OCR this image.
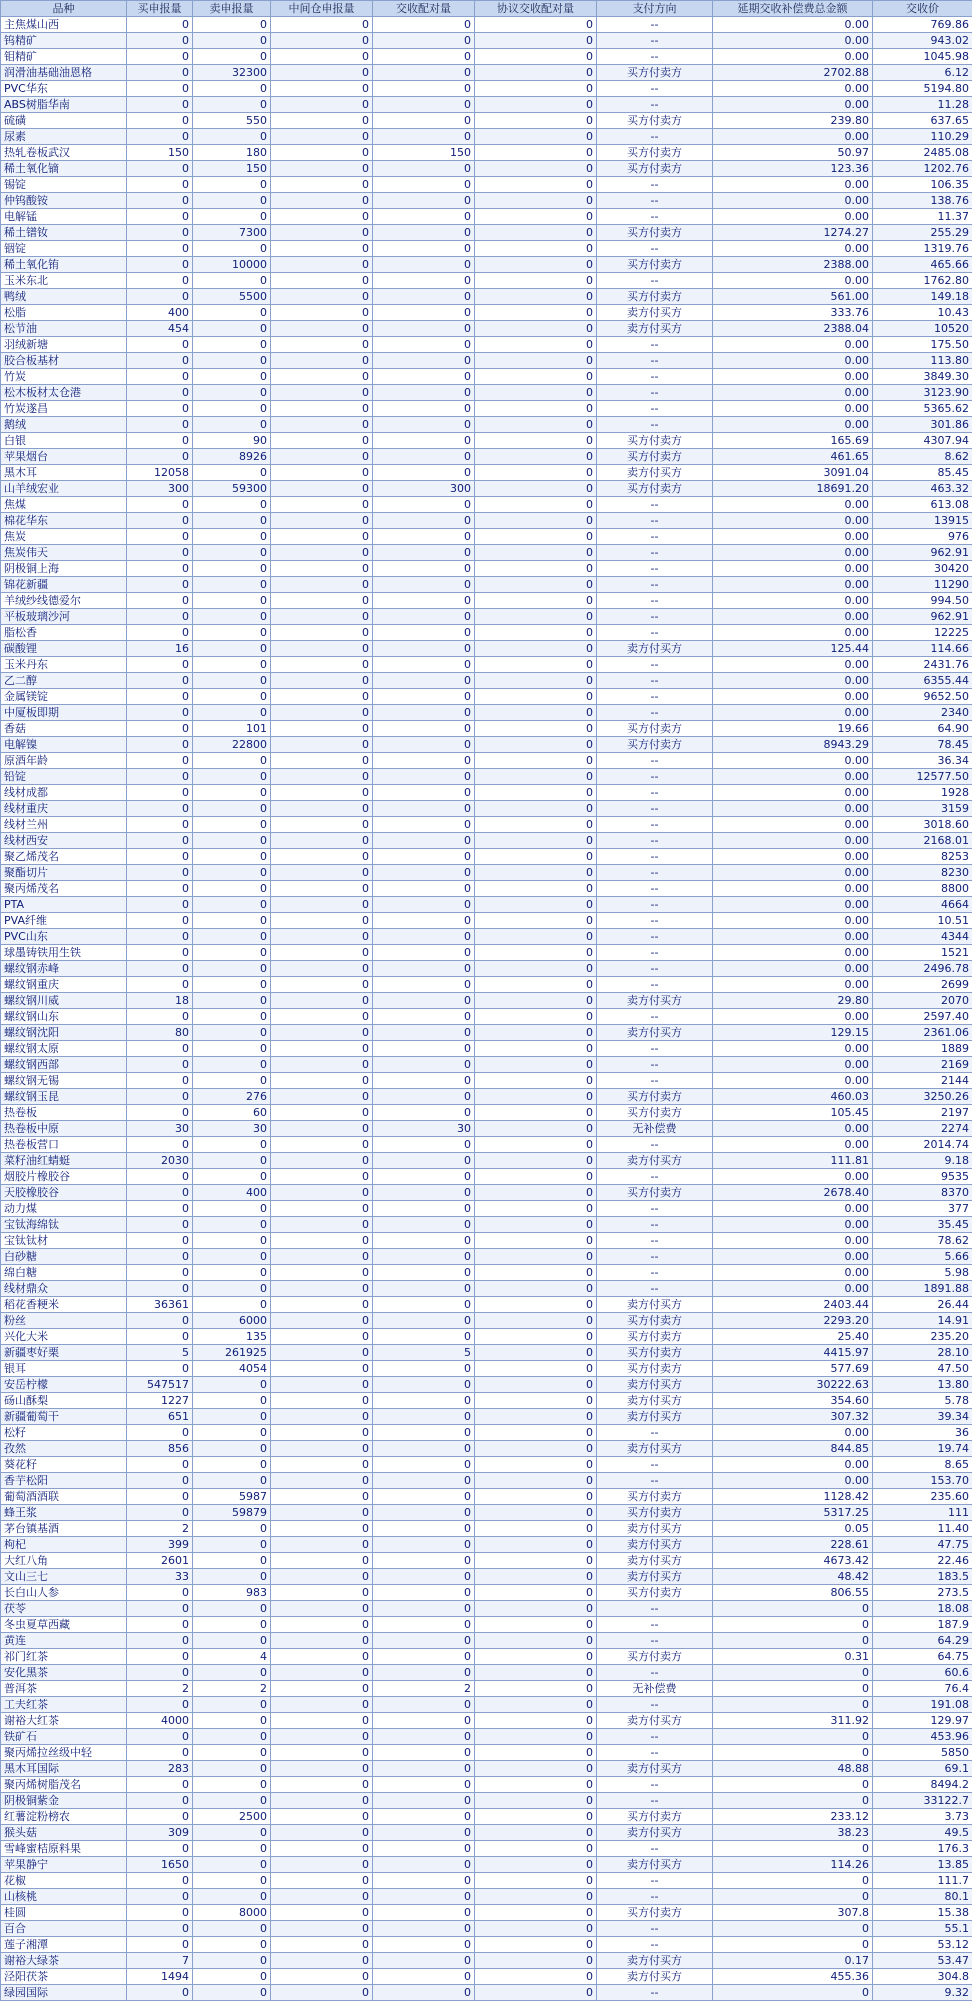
品种	买申报量	卖申报量	中间仓申报量	交收配对量	协议交收配对量	支付方向	延期交收补偿费总金额	交收价
主焦煤山西	0	0	0	0	0	--	0.00	769.86
钨精矿	0	0	0	0	0	--	0.00	943.02
钼精矿	0	0	0	0	0	--	0.00	1045.98
润滑油基础油恩格	0	32300	0	0	0	买方付卖方	2702.88	6.12
PVC华东	0	0	0	0	0	--	0.00	5194.80
ABS树脂华南	0	0	0	0	0	--	0.00	11.28
硫磺	0	550	0	0	0	买方付卖方	239.80	637.65
尿素	0	0	0	0	0	--	0.00	110.29
热轧卷板武汉	150	180	0	150	0	买方付卖方	50.97	2485.08
稀土氧化镝	0	150	0	0	0	买方付卖方	123.36	1202.76
锡锭	0	0	0	0	0	--	0.00	106.35
仲钨酸铵	0	0	0	0	0	--	0.00	138.76
电解锰	0	0	0	0	0	--	0.00	11.37
稀土镨钕	0	7300	0	0	0	买方付卖方	1274.27	255.29
铟锭	0	0	0	0	0	--	0.00	1319.76
稀土氧化铕	0	10000	0	0	0	买方付卖方	2388.00	465.66
玉米东北	0	0	0	0	0	--	0.00	1762.80
鸭绒	0	5500	0	0	0	买方付卖方	561.00	149.18
松脂	400	0	0	0	0	卖方付买方	333.76	10.43
松节油	454	0	0	0	0	卖方付买方	2388.04	10520
羽绒新塘	0	0	0	0	0	--	0.00	175.50
胶合板基材	0	0	0	0	0	--	0.00	113.80
竹炭	0	0	0	0	0	--	0.00	3849.30
松木板材太仓港	0	0	0	0	0	--	0.00	3123.90
竹炭遂昌	0	0	0	0	0	--	0.00	5365.62
鹅绒	0	0	0	0	0	--	0.00	301.86
白银	0	90	0	0	0	买方付卖方	165.69	4307.94
苹果烟台	0	8926	0	0	0	买方付卖方	461.65	8.62
黑木耳	12058	0	0	0	0	卖方付买方	3091.04	85.45
山羊绒宏业	300	59300	0	300	0	买方付卖方	18691.20	463.32
焦煤	0	0	0	0	0	--	0.00	613.08
棉花华东	0	0	0	0	0	--	0.00	13915
焦炭	0	0	0	0	0	--	0.00	976
焦炭伟天	0	0	0	0	0	--	0.00	962.91
阴极铜上海	0	0	0	0	0	--	0.00	30420
锦花新疆	0	0	0	0	0	--	0.00	11290
羊绒纱线德爱尔	0	0	0	0	0	--	0.00	994.50
平板玻璃沙河	0	0	0	0	0	--	0.00	962.91
脂松香	0	0	0	0	0	--	0.00	12225
碳酸锂	16	0	0	0	0	卖方付买方	125.44	114.66
玉米丹东	0	0	0	0	0	--	0.00	2431.76
乙二醇	0	0	0	0	0	--	0.00	6355.44
金属镁锭	0	0	0	0	0	--	0.00	9652.50
中厦板即期	0	0	0	0	0	--	0.00	2340
香菇	0	101	0	0	0	买方付卖方	19.66	64.90
电解镍	0	22800	0	0	0	买方付卖方	8943.29	78.45
原酒年龄	0	0	0	0	0	--	0.00	36.34
铅锭	0	0	0	0	0	--	0.00	12577.50
线材成都	0	0	0	0	0	--	0.00	1928
线材重庆	0	0	0	0	0	--	0.00	3159
线材兰州	0	0	0	0	0	--	0.00	3018.60
线材西安	0	0	0	0	0	--	0.00	2168.01
聚乙烯茂名	0	0	0	0	0	--	0.00	8253
聚酯切片	0	0	0	0	0	--	0.00	8230
聚丙烯茂名	0	0	0	0	0	--	0.00	8800
PTA	0	0	0	0	0	--	0.00	4664
PVA纤维	0	0	0	0	0	--	0.00	10.51
PVC山东	0	0	0	0	0	--	0.00	4344
球墨铸铁用生铁	0	0	0	0	0	--	0.00	1521
螺纹钢赤峰	0	0	0	0	0	--	0.00	2496.78
螺纹钢重庆	0	0	0	0	0	--	0.00	2699
螺纹钢川威	18	0	0	0	0	卖方付买方	29.80	2070
螺纹钢山东	0	0	0	0	0	--	0.00	2597.40
螺纹钢沈阳	80	0	0	0	0	卖方付买方	129.15	2361.06
螺纹钢太原	0	0	0	0	0	--	0.00	1889
螺纹钢西部	0	0	0	0	0	--	0.00	2169
螺纹钢无锡	0	0	0	0	0	--	0.00	2144
螺纹钢玉昆	0	276	0	0	0	买方付卖方	460.03	3250.26
热卷板	0	60	0	0	0	买方付卖方	105.45	2197
热卷板中原	30	30	0	30	0	无补偿费	0.00	2274
热卷板营口	0	0	0	0	0	--	0.00	2014.74
菜籽油红蜻蜓	2030	0	0	0	0	卖方付买方	111.81	9.18
烟胶片橡胶谷	0	0	0	0	0	--	0.00	9535
天胶橡胶谷	0	400	0	0	0	买方付卖方	2678.40	8370
动力煤	0	0	0	0	0	--	0.00	377
宝钛海绵钛	0	0	0	0	0	--	0.00	35.45
宝钛钛材	0	0	0	0	0	--	0.00	78.62
白砂糖	0	0	0	0	0	--	0.00	5.66
绵白糖	0	0	0	0	0	--	0.00	5.98
线材鼎众	0	0	0	0	0	--	0.00	1891.88
稻花香粳米	36361	0	0	0	0	卖方付买方	2403.44	26.44
粉丝	0	6000	0	0	0	买方付卖方	2293.20	14.91
兴化大米	0	135	0	0	0	买方付卖方	25.40	235.20
新疆枣好栗	5	261925	0	5	0	买方付卖方	4415.97	28.10
银耳	0	4054	0	0	0	买方付卖方	577.69	47.50
安岳柠檬	547517	0	0	0	0	卖方付买方	30222.63	13.80
砀山酥梨	1227	0	0	0	0	卖方付买方	354.60	5.78
新疆葡萄干	651	0	0	0	0	卖方付买方	307.32	39.34
松籽	0	0	0	0	0	--	0.00	36
孜然	856	0	0	0	0	卖方付买方	844.85	19.74
葵花籽	0	0	0	0	0	--	0.00	8.65
香芋松阳	0	0	0	0	0	--	0.00	153.70
葡萄酒酒联	0	5987	0	0	0	买方付卖方	1128.42	235.60
蜂王浆	0	59879	0	0	0	买方付卖方	5317.25	111
茅台镇基酒	2	0	0	0	0	卖方付买方	0.05	11.40
枸杞	399	0	0	0	0	卖方付买方	228.61	47.75
大红八角	2601	0	0	0	0	卖方付买方	4673.42	22.46
文山三七	33	0	0	0	0	卖方付买方	48.42	183.5
长白山人参	0	983	0	0	0	买方付卖方	806.55	273.5
茯苓	0	0	0	0	0	--	0	18.08
冬虫夏草西藏	0	0	0	0	0	--	0	187.9
黄连	0	0	0	0	0	--	0	64.29
祁门红茶	0	4	0	0	0	买方付卖方	0.31	64.75
安化黑茶	0	0	0	0	0	--	0	60.6
普洱茶	2	2	0	2	0	无补偿费	0	76.4
工夫红茶	0	0	0	0	0	--	0	191.08
谢裕大红茶	4000	0	0	0	0	卖方付买方	311.92	129.97
铁矿石	0	0	0	0	0	--	0	453.96
聚丙烯拉丝级中轻	0	0	0	0	0	--	0	5850
黑木耳国际	283	0	0	0	0	卖方付买方	48.88	69.1
聚丙烯树脂茂名	0	0	0	0	0	--	0	8494.2
阴极铜紫金	0	0	0	0	0	--	0	33122.7
红薯淀粉榜农	0	2500	0	0	0	买方付卖方	233.12	3.73
猴头菇	309	0	0	0	0	卖方付买方	38.23	49.5
雪峰蜜桔原料果	0	0	0	0	0	--	0	176.3
苹果静宁	1650	0	0	0	0	卖方付买方	114.26	13.85
花椒	0	0	0	0	0	--	0	111.7
山核桃	0	0	0	0	0	--	0	80.1
桂圆	0	8000	0	0	0	买方付卖方	307.8	15.38
百合	0	0	0	0	0	--	0	55.1
莲子湘潭	0	0	0	0	0	--	0	53.12
谢裕大绿茶	7	0	0	0	0	卖方付买方	0.17	53.47
泾阳茯茶	1494	0	0	0	0	卖方付买方	455.36	304.8
绿园国际	0	0	0	0	0	--	0	9.32
